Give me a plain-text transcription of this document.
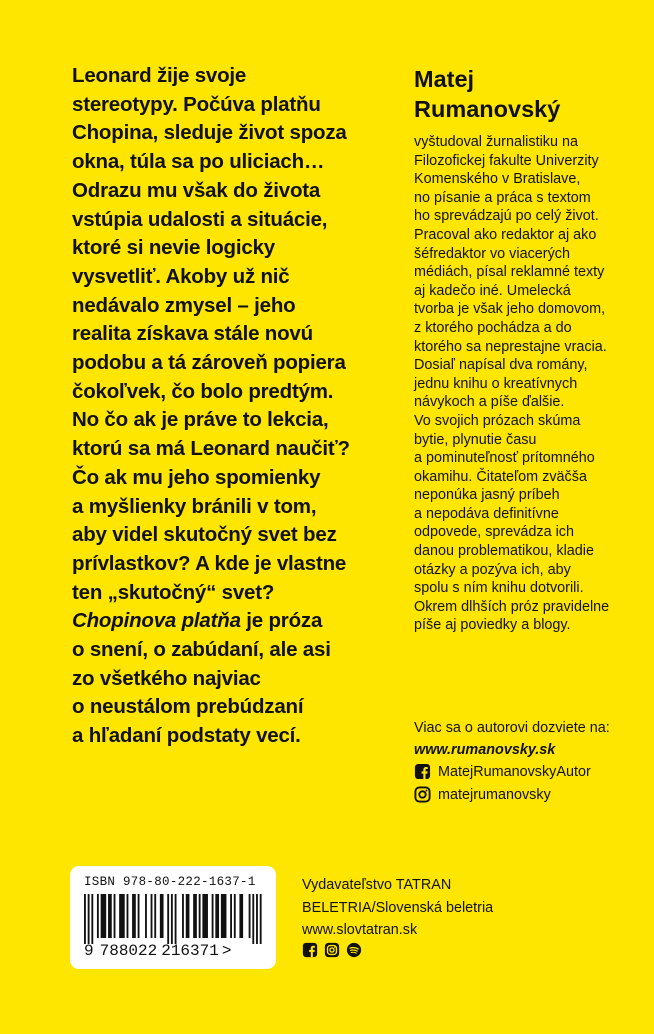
Leonard žije svoje
stereotypy. Počúva platňu
Chopina, sleduje život spoza
okna, túla sa po uliciach…
Odrazu mu však do života
vstúpia udalosti a situácie,
ktoré si nevie logicky
vysvetliť. Akoby už nič
nedávalo zmysel – jeho
realita získava stále novú
podobu a tá zároveň popiera
čokoľvek, čo bolo predtým.
No čo ak je práve to lekcia,
ktorú sa má Leonard naučiť?
Čo ak mu jeho spomienky
a myšlienky bránili v tom,
aby videl skutočný svet bez
prívlastkov? A kde je vlastne
ten „skutočný“ svet?
Chopinova platňa je próza
o snení, o zabúdaní, ale asi
zo všetkého najviac
o neustálom prebúdzaní
a hľadaní podstaty vecí.
Matej
Rumanovský
vyštudoval žurnalistiku na
Filozofickej fakulte Univerzity
Komenského v Bratislave,
no písanie a práca s textom
ho sprevádzajú po celý život.
Pracoval ako redaktor aj ako
šéfredaktor vo viacerých
médiách, písal reklamné texty
aj kadečo iné. Umelecká
tvorba je však jeho domovom,
z ktorého pochádza a do
ktorého sa neprestajne vracia.
Dosiaľ napísal dva romány,
jednu knihu o kreatívnych
návykoch a píše ďalšie.
Vo svojich prózach skúma
bytie, plynutie času
a pominuteľnosť prítomného
okamihu. Čitateľom zväčša
neponúka jasný príbeh
a nepodáva definitívne
odpovede, sprevádza ich
danou problematikou, kladie
otázky a pozýva ich, aby
spolu s ním knihu dotvorili.
Okrem dlhších próz pravidelne
píše aj poviedky a blogy.
Viac sa o autorovi dozviete na:
www.rumanovsky.sk
MatejRumanovskyAutor
matejrumanovsky
ISBN 978-80-222-1637-1
9 788022 216371 >
Vydavateľstvo TATRAN
BELETRIA/Slovenská beletria
www.slovtatran.sk
